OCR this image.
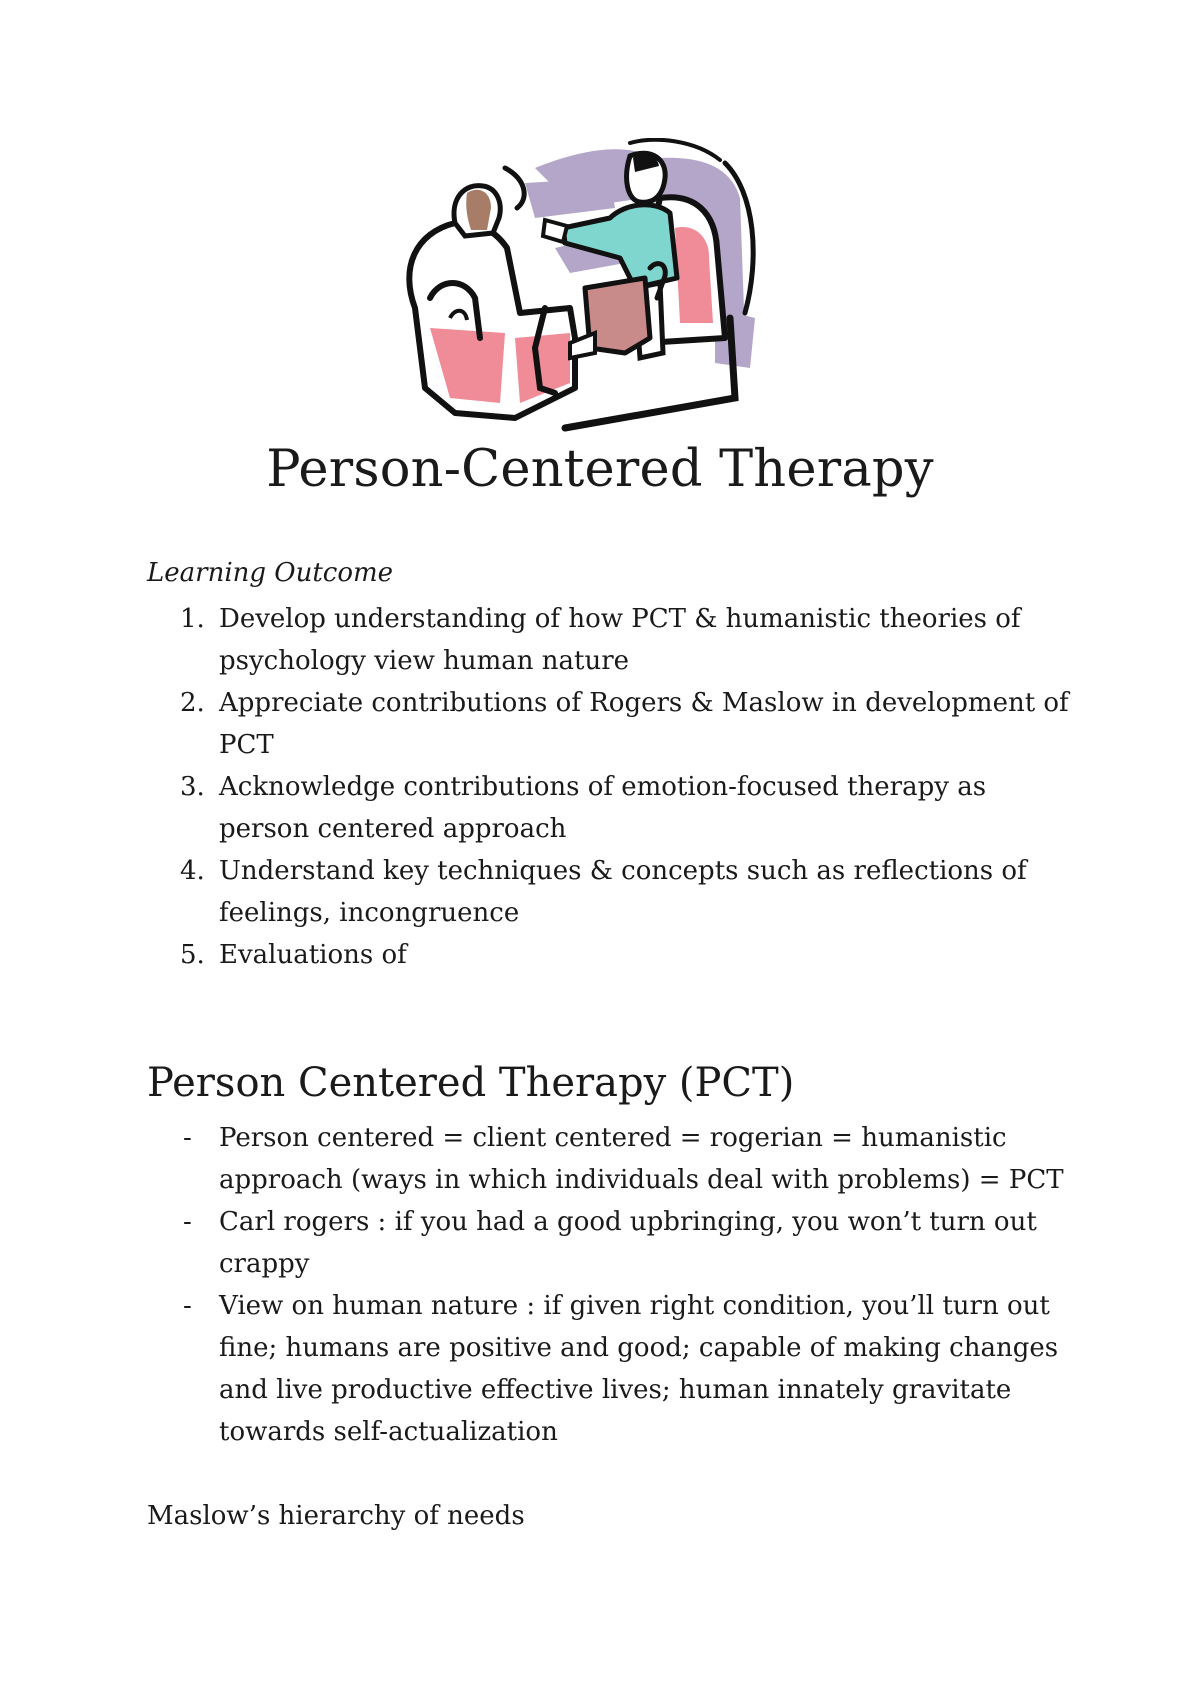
Person-Centered Therapy
Learning Outcome
1. Develop understanding of how PCT & humanistic theories of psychology view human nature
2. Appreciate contributions of Rogers & Maslow in development of PCT
3. Acknowledge contributions of emotion-focused therapy as person centered approach
4. Understand key techniques & concepts such as reflections of feelings, incongruence
5. Evaluations of
Person Centered Therapy (PCT)
- Person centered = client centered = rogerian = humanistic approach (ways in which individuals deal with problems) = PCT
- Carl rogers : if you had a good upbringing, you won’t turn out crappy
- View on human nature : if given right condition, you’ll turn out fine; humans are positive and good; capable of making changes and live productive effective lives; human innately gravitate towards self-actualization
Maslow’s hierarchy of needs
